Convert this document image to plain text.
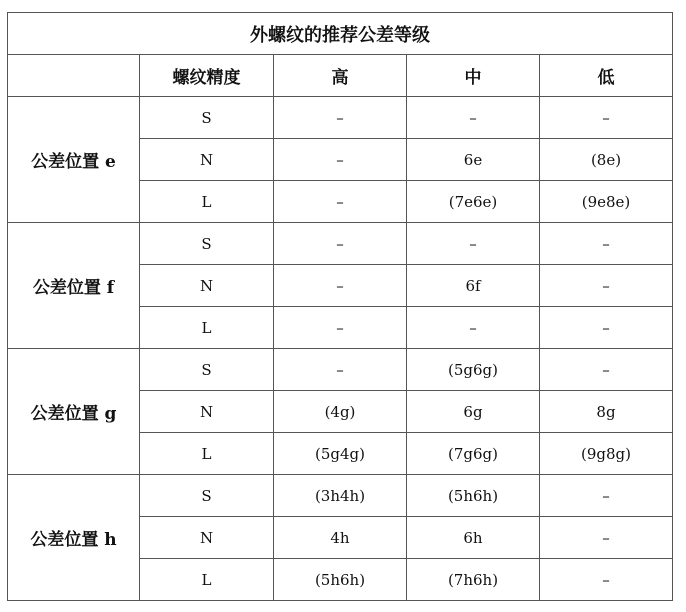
外螺纹的推荐公差等级				
	螺纹精度	高	中	低
公差位置 e	S	–	–	–
	N	–	6e	(8e)
	L	–	(7e6e)	(9e8e)
公差位置 f	S	–	–	–
	N	–	6f	–
	L	–	–	–
公差位置 g	S	–	(5g6g)	–
	N	(4g)	6g	8g
	L	(5g4g)	(7g6g)	(9g8g)
公差位置 h	S	(3h4h)	(5h6h)	–
	N	4h	6h	–
	L	(5h6h)	(7h6h)	–
